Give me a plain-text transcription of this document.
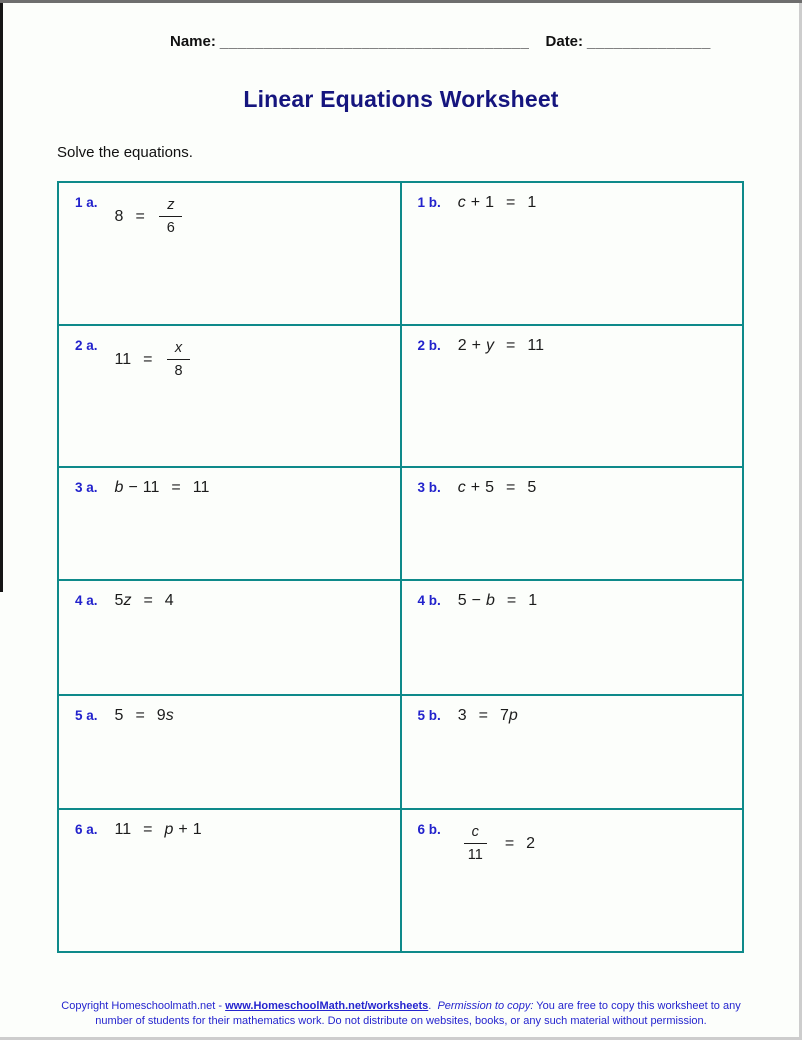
Name: ___________________________________ Date: ______________
Linear Equations Worksheet
Solve the equations.
1 a.
$8 = \frac{z}{6}$	1 b. c + 1 = 1

2 a.
$11 = \frac{x}{8}$	2 b. 2 + y = 11

3 a. b − 11 = 11	3 b. c + 5 = 5

4 a. 5 z = 4	4 b. 5 − b = 1

5 a. 5 = 9 s	5 b. 3 = 7 p

6 a. 11 = p + 1	6 b. $\frac{c}{11} = 2$
Copyright Homeschoolmath.net - www.HomeschoolMath.net/worksheets.  Permission to copy: You are free to copy this worksheet to any
number of students for their mathematics work. Do not distribute on websites, books, or any such material without permission.
